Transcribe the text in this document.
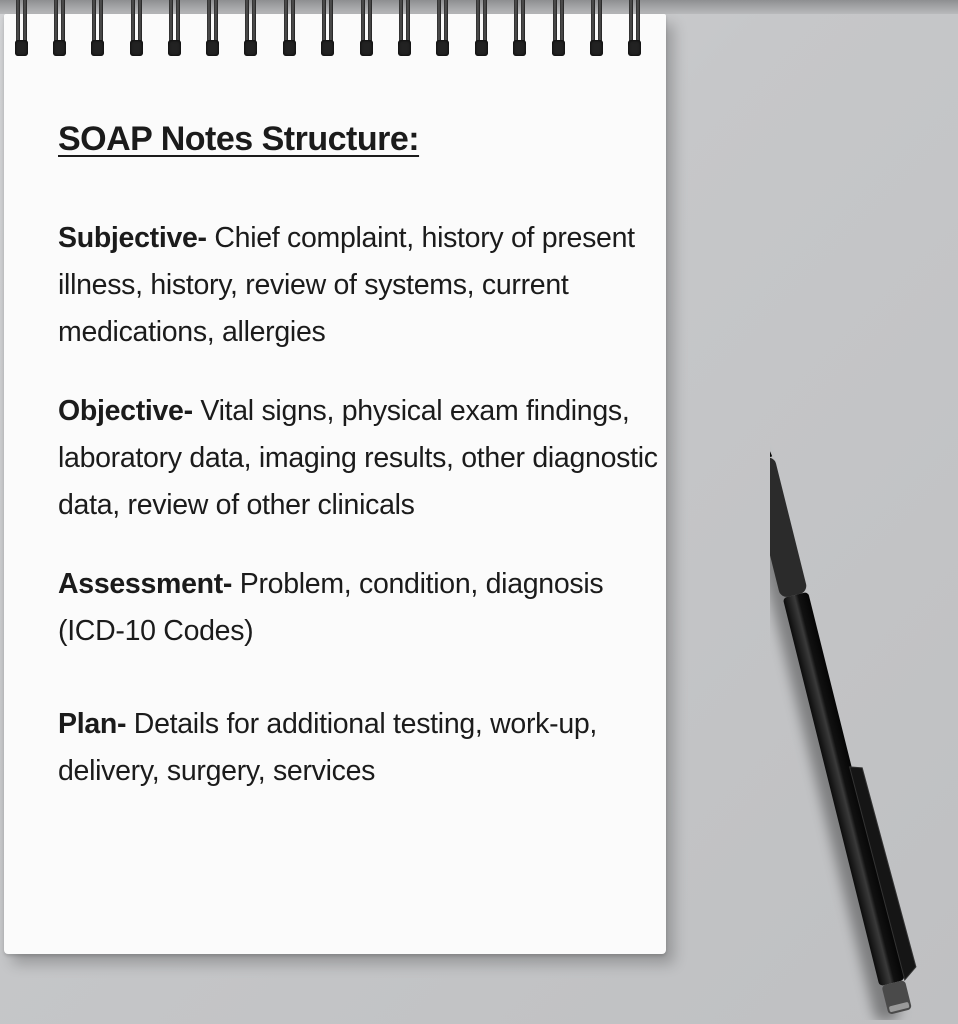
SOAP Notes Structure:
Subjective- Chief complaint, history of present illness, history, review of systems, current medications, allergies
Objective- Vital signs, physical exam findings, laboratory data, imaging results, other diagnostic data, review of other clinicals
Assessment- Problem, condition, diagnosis (ICD-10 Codes)
Plan- Details for additional testing, work-up, delivery, surgery, services
